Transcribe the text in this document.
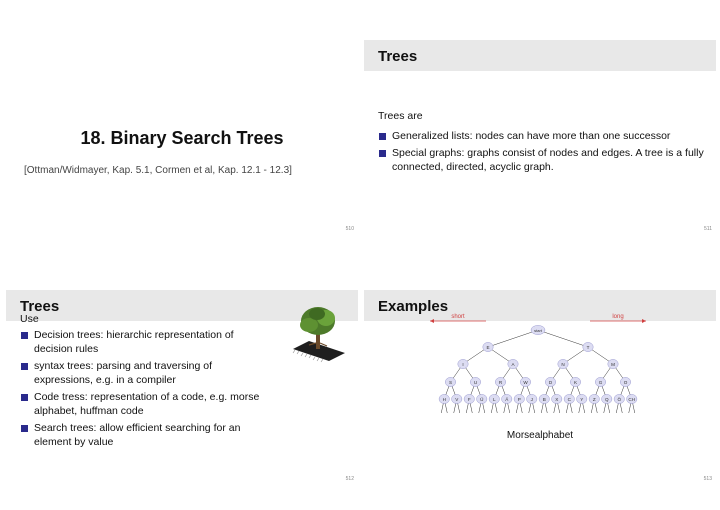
18. Binary Search Trees
[Ottman/Widmayer, Kap. 5.1, Cormen et al, Kap. 12.1 - 12.3]
510
Trees
Trees are
Generalized lists: nodes can have more than one successor
Special graphs: graphs consist of nodes and edges. A tree is a fully connected, directed, acyclic graph.
511
Trees
Use
Decision trees: hierarchic representation of decision rules
syntax trees: parsing and traversing of expressions, e.g. in a compiler
Code tress: representation of a code, e.g. morse alphabet, huffman code
Search trees: allow efficient searching for an element by value
512
Examples
start
E	T
I	A	N	M
S	U	R	W	D	K	G	O
H V F Ü L Ä P J B X C Y Z Q Ö CH
short	long
Morsealphabet
513
